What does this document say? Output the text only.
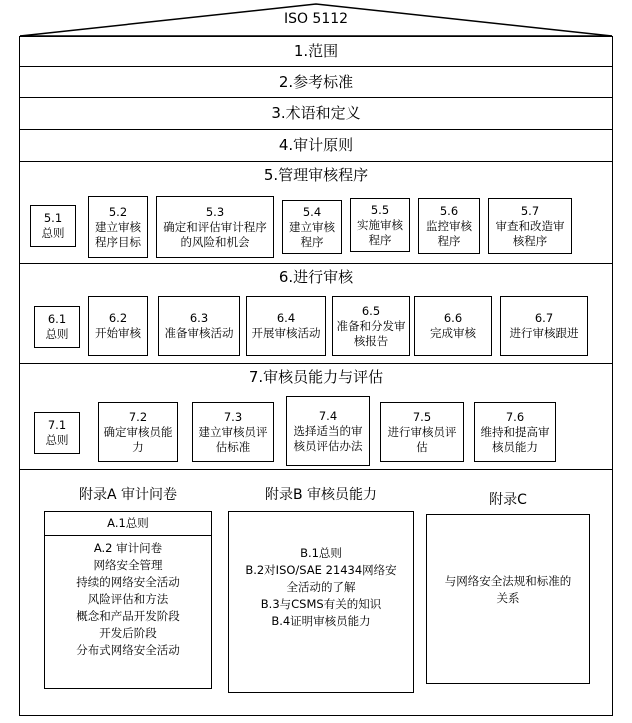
ISO 5112
1.范围
2.参考标准
3.术语和定义
4.审计原则
5.管理审核程序
5.1
总则
5.2
建立审核程序目标
5.3
确定和评估审计程序的风险和机会
5.4
建立审核程序
5.5
实施审核程序
5.6
监控审核程序
5.7
审查和改造审核程序
6.进行审核
6.1
总则
6.2
开始审核
6.3
准备审核活动
6.4
开展审核活动
6.5
准备和分发审核报告
6.6
完成审核
6.7
进行审核跟进
7.审核员能力与评估
7.1
总则
7.2
确定审核员能力
7.3
建立审核员评估标准
7.4
选择适当的审核员评估办法
7.5
进行审核员评估
7.6
维持和提高审核员能力
附录A 审计问卷
A.1总则
A.2 审计问卷
网络安全管理
持续的网络安全活动
风险评估和方法
概念和产品开发阶段
开发后阶段
分布式网络安全活动
附录B 审核员能力
B.1总则
B.2对ISO/SAE 21434网络安
全活动的了解
B.3与CSMS有关的知识
B.4证明审核员能力
附录C
与网络安全法规和标准的
关系
